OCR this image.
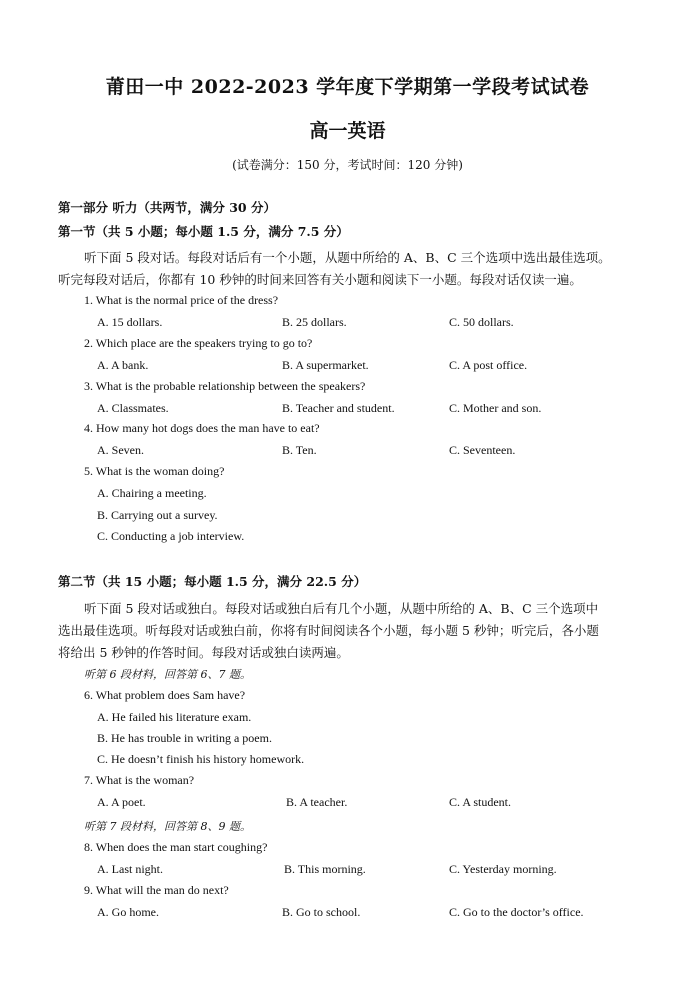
莆田一中 2022-2023 学年度下学期第一学段考试试卷
高一英语
(试卷满分：150 分，考试时间：120 分钟)
第一部分 听力（共两节，满分 30 分）
第一节（共 5 小题；每小题 1.5 分，满分 7.5 分）
听下面 5 段对话。每段对话后有一个小题，从题中所给的 A、B、C 三个选项中选出最佳选项。
听完每段对话后，你都有 10 秒钟的时间来回答有关小题和阅读下一小题。每段对话仅读一遍。
1. What is the normal price of the dress?
A. 15 dollars.	B. 25 dollars.	C. 50 dollars.
2. Which place are the speakers trying to go to?
A. A bank.	B. A supermarket.	C. A post office.
3. What is the probable relationship between the speakers?
A. Classmates.	B. Teacher and student.	C. Mother and son.
4. How many hot dogs does the man have to eat?
A. Seven.	B. Ten.	C. Seventeen.
5. What is the woman doing?
A. Chairing a meeting.
B. Carrying out a survey.
C. Conducting a job interview.
第二节（共 15 小题；每小题 1.5 分，满分 22.5 分）
听下面 5 段对话或独白。每段对话或独白后有几个小题，从题中所给的 A、B、C 三个选项中
选出最佳选项。听每段对话或独白前，你将有时间阅读各个小题，每小题 5 秒钟；听完后，各小题
将给出 5 秒钟的作答时间。每段对话或独白读两遍。
听第 6 段材料，回答第 6、7 题。
6. What problem does Sam have?
A. He failed his literature exam.
B. He has trouble in writing a poem.
C. He doesn’t finish his history homework.
7. What is the woman?
A. A poet.	B. A teacher.	C. A student.
听第 7 段材料，回答第 8、9 题。
8. When does the man start coughing?
A. Last night.	B. This morning.	C. Yesterday morning.
9. What will the man do next?
A. Go home.	B. Go to school.	C. Go to the doctor’s office.
